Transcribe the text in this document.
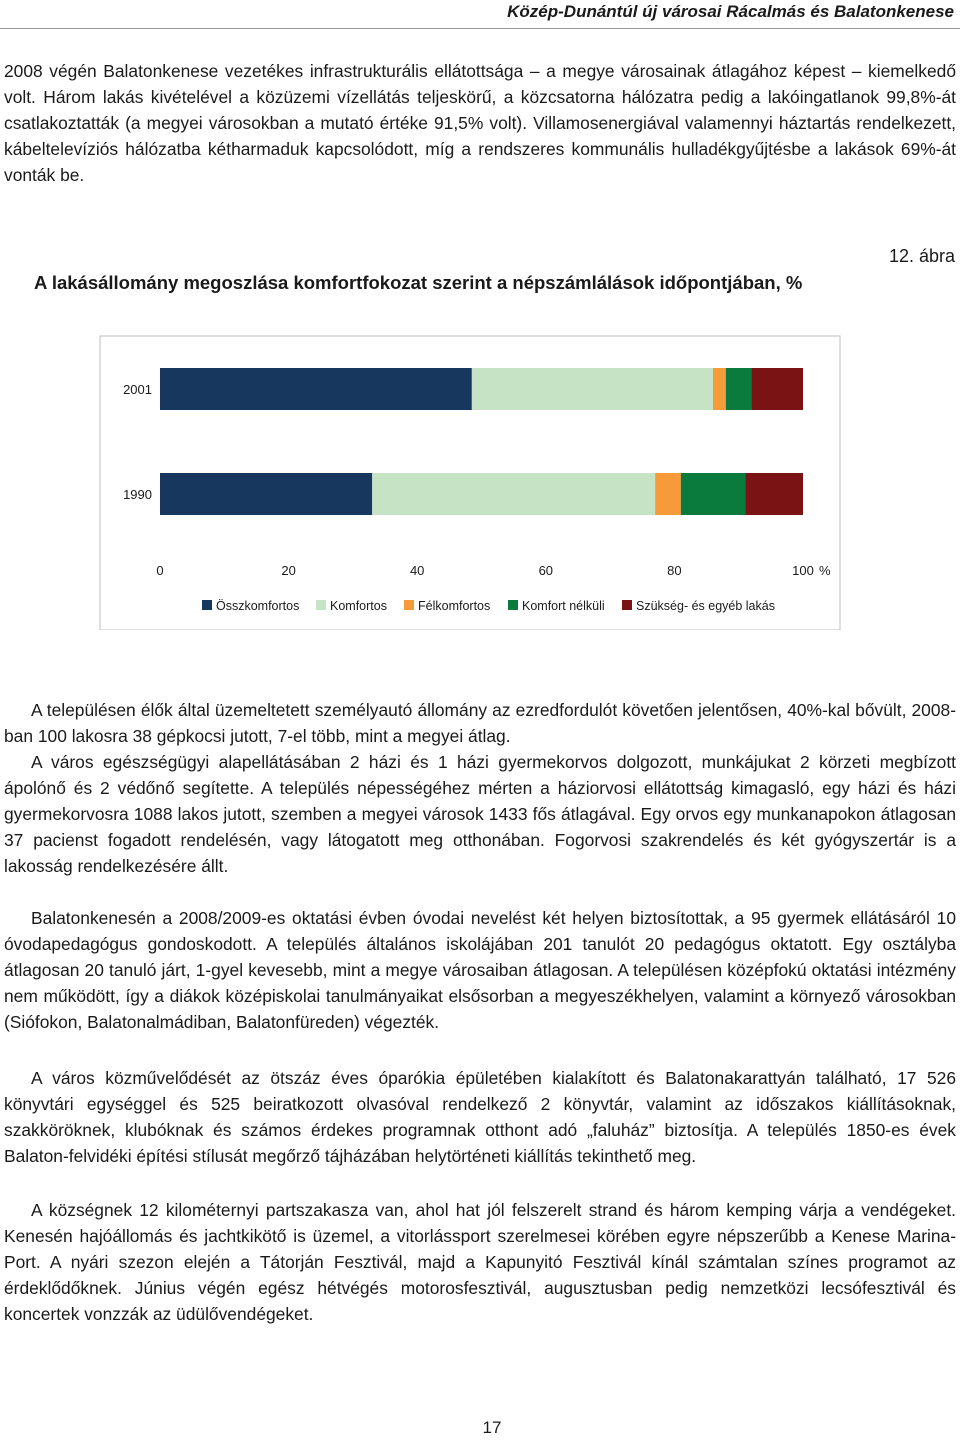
Közép-Dunántúl új városai Rácalmás és Balatonkenese

2008 végén Balatonkenese vezetékes infrastrukturális ellátottsága – a megye városainak átlagához képest – kiemelkedő volt. Három lakás kivételével a közüzemi vízellátás teljeskörű, a közcsatorna hálózatra pedig a lakóingatlanok 99,8%-át csatlakoztatták (a megyei városokban a mutató értéke 91,5% volt). Villamosenergiával valamennyi háztartás rendelkezett, kábeltelevíziós hálózatba kétharmaduk kapcsolódott, míg a rendszeres kommunális hulladékgyűjtésbe a lakások 69%-át vonták be.

12. ábra
A lakásállomány megoszlása komfortfokozat szerint a népszámlálások időpontjában, %
2001
1990
0	20	40	60	80	100 %
Összkomfortos Komfortos Félkomfortos	Komfort nélküli	Szükség- és egyéb lakás

A településen élők által üzemeltetett személyautó állomány az ezredfordulót követően jelentősen, 40%-kal bővült, 2008-ban 100 lakosra 38 gépkocsi jutott, 7-el több, mint a megyei átlag.

A város egészségügyi alapellátásában 2 házi és 1 házi gyermekorvos dolgozott, munkájukat 2 körzeti megbízott ápolónő és 2 védőnő segítette. A település népességéhez mérten a háziorvosi ellátottság kimagasló, egy házi és házi gyermekorvosra 1088 lakos jutott, szemben a megyei városok 1433 fős átlagával. Egy orvos egy munkanapokon átlagosan 37 pacienst fogadott rendelésén, vagy látogatott meg otthonában. Fogorvosi szakrendelés és két gyógyszertár is a lakosság rendelkezésére állt.

Balatonkenesén a 2008/2009-es oktatási évben óvodai nevelést két helyen biztosítottak, a 95 gyermek ellátásáról 10 óvodapedagógus gondoskodott. A település általános iskolájában 201 tanulót 20 pedagógus oktatott. Egy osztályba átlagosan 20 tanuló járt, 1-gyel kevesebb, mint a megye városaiban átlagosan. A településen középfokú oktatási intézmény nem működött, így a diákok középiskolai tanulmányaikat elsősorban a megyeszékhelyen, valamint a környező városokban (Siófokon, Balatonalmádiban, Balatonfüreden) végezték.

A város közművelődését az ötszáz éves óparókia épületében kialakított és Balatonakarattyán található, 17 526 könyvtári egységgel és 525 beiratkozott olvasóval rendelkező 2 könyvtár, valamint az időszakos kiállításoknak, szakköröknek, klubóknak és számos érdekes programnak otthont adó „faluház” biztosítja. A település 1850-es évek Balaton-felvidéki építési stílusát megőrző tájházában helytörténeti kiállítás tekinthető meg.

A községnek 12 kilométernyi partszakasza van, ahol hat jól felszerelt strand és három kemping várja a vendégeket. Kenesén hajóállomás és jachtkikötő is üzemel, a vitorlássport szerelmesei körében egyre népszerűbb a Kenese Marina-Port. A nyári szezon elején a Tátorján Fesztivál, majd a Kapunyitó Fesztivál kínál számtalan színes programot az érdeklődőknek. Június végén egész hétvégés motorosfesztivál, augusztusban pedig nemzetközi lecsófesztivál és koncertek vonzzák az üdülővendégeket.

17
